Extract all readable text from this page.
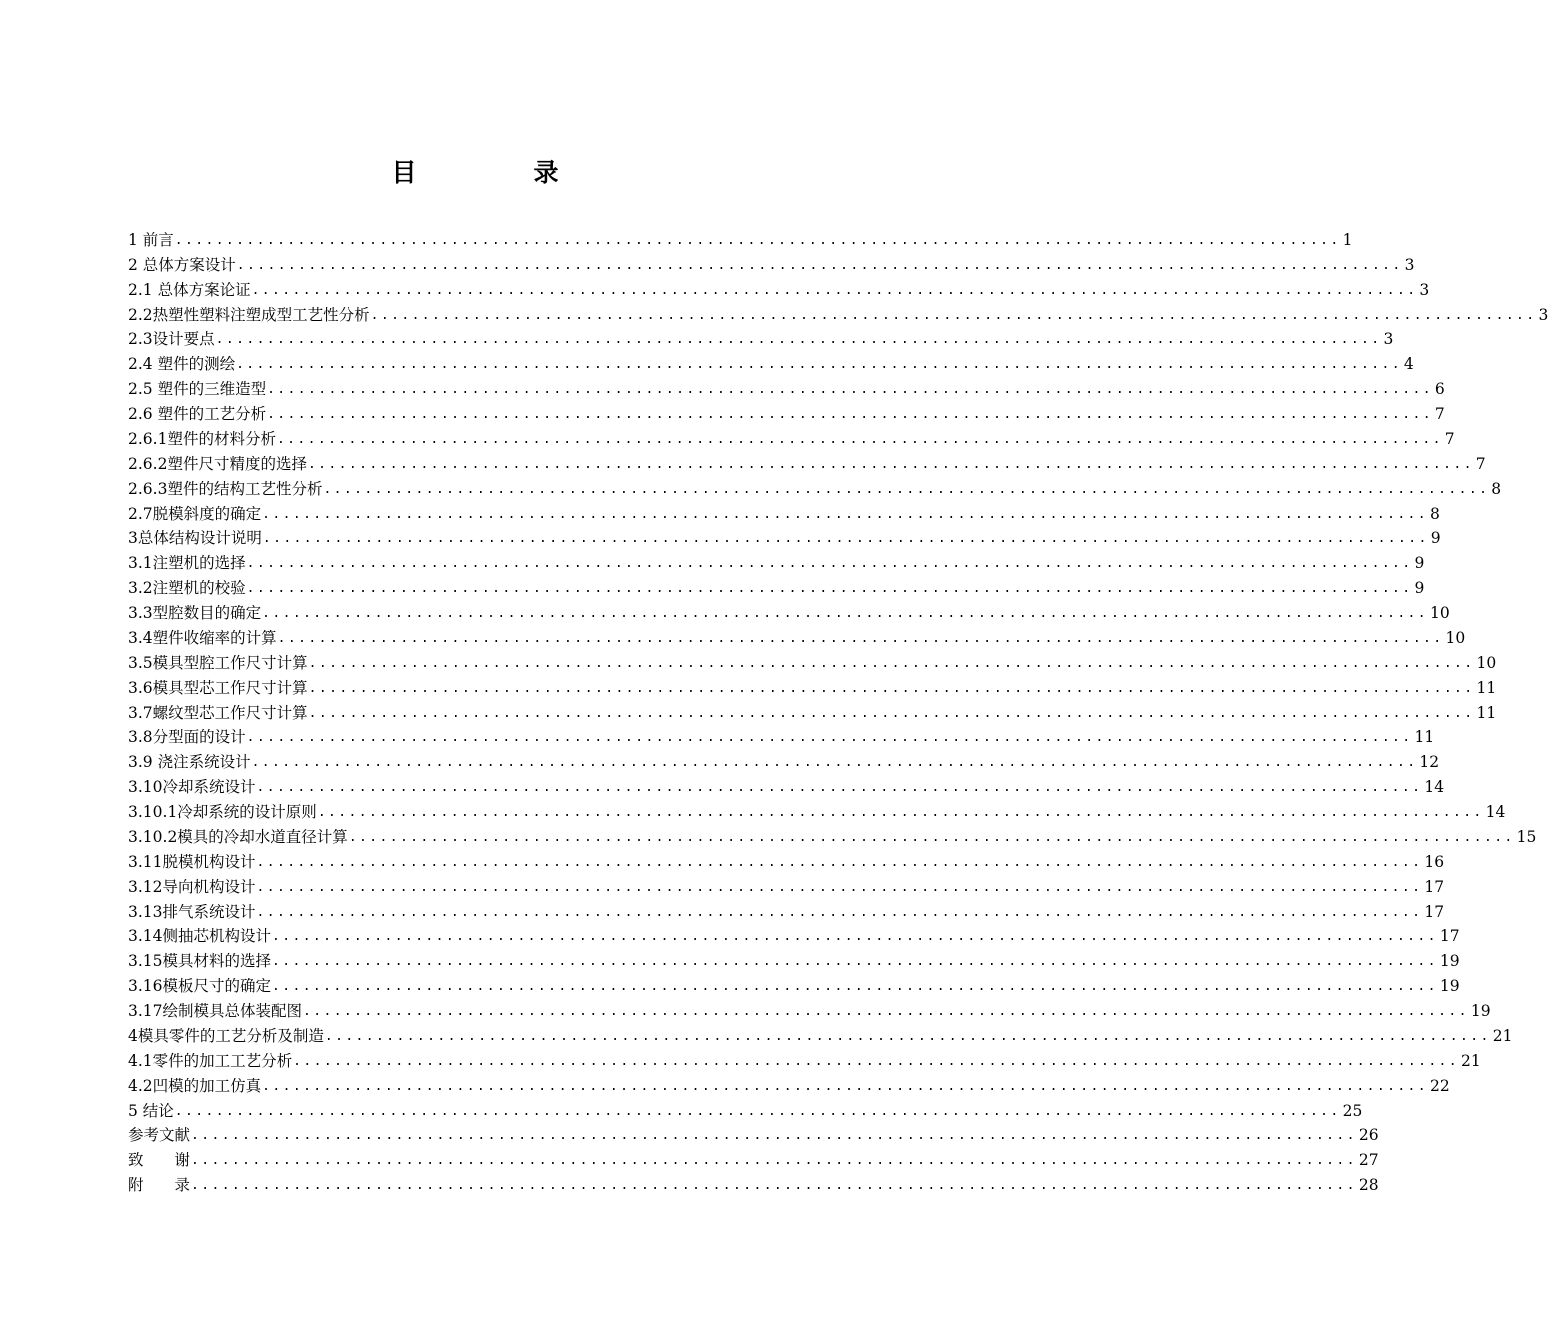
目　录
1 前言 .................................................................................................................. 1
2 总体方案设计 .................................................................................................................. 3
2.1 总体方案论证 .................................................................................................................. 3
2.2热塑性塑料注塑成型工艺性分析 .................................................................................................................. 3
2.3设计要点 .................................................................................................................. 3
2.4 塑件的测绘 .................................................................................................................. 4
2.5 塑件的三维造型 .................................................................................................................. 6
2.6 塑件的工艺分析 .................................................................................................................. 7
2.6.1塑件的材料分析 .................................................................................................................. 7
2.6.2塑件尺寸精度的选择 .................................................................................................................. 7
2.6.3塑件的结构工艺性分析 .................................................................................................................. 8
2.7脱模斜度的确定 .................................................................................................................. 8
3总体结构设计说明 .................................................................................................................. 9
3.1注塑机的选择 .................................................................................................................. 9
3.2注塑机的校验 .................................................................................................................. 9
3.3型腔数目的确定 .................................................................................................................. 10
3.4塑件收缩率的计算 .................................................................................................................. 10
3.5模具型腔工作尺寸计算 .................................................................................................................. 10
3.6模具型芯工作尺寸计算 .................................................................................................................. 11
3.7螺纹型芯工作尺寸计算 .................................................................................................................. 11
3.8分型面的设计 .................................................................................................................. 11
3.9 浇注系统设计 .................................................................................................................. 12
3.10冷却系统设计 .................................................................................................................. 14
3.10.1冷却系统的设计原则 .................................................................................................................. 14
3.10.2模具的冷却水道直径计算 .................................................................................................................. 15
3.11脱模机构设计 .................................................................................................................. 16
3.12导向机构设计 .................................................................................................................. 17
3.13排气系统设计 .................................................................................................................. 17
3.14侧抽芯机构设计 .................................................................................................................. 17
3.15模具材料的选择 .................................................................................................................. 19
3.16模板尺寸的确定 .................................................................................................................. 19
3.17绘制模具总体装配图 .................................................................................................................. 19
4模具零件的工艺分析及制造 .................................................................................................................. 21
4.1零件的加工工艺分析 .................................................................................................................. 21
4.2凹模的加工仿真 .................................................................................................................. 22
5 结论 .................................................................................................................. 25
参考文献 .................................................................................................................. 26
致　　谢 .................................................................................................................. 27
附　　录 .................................................................................................................. 28
